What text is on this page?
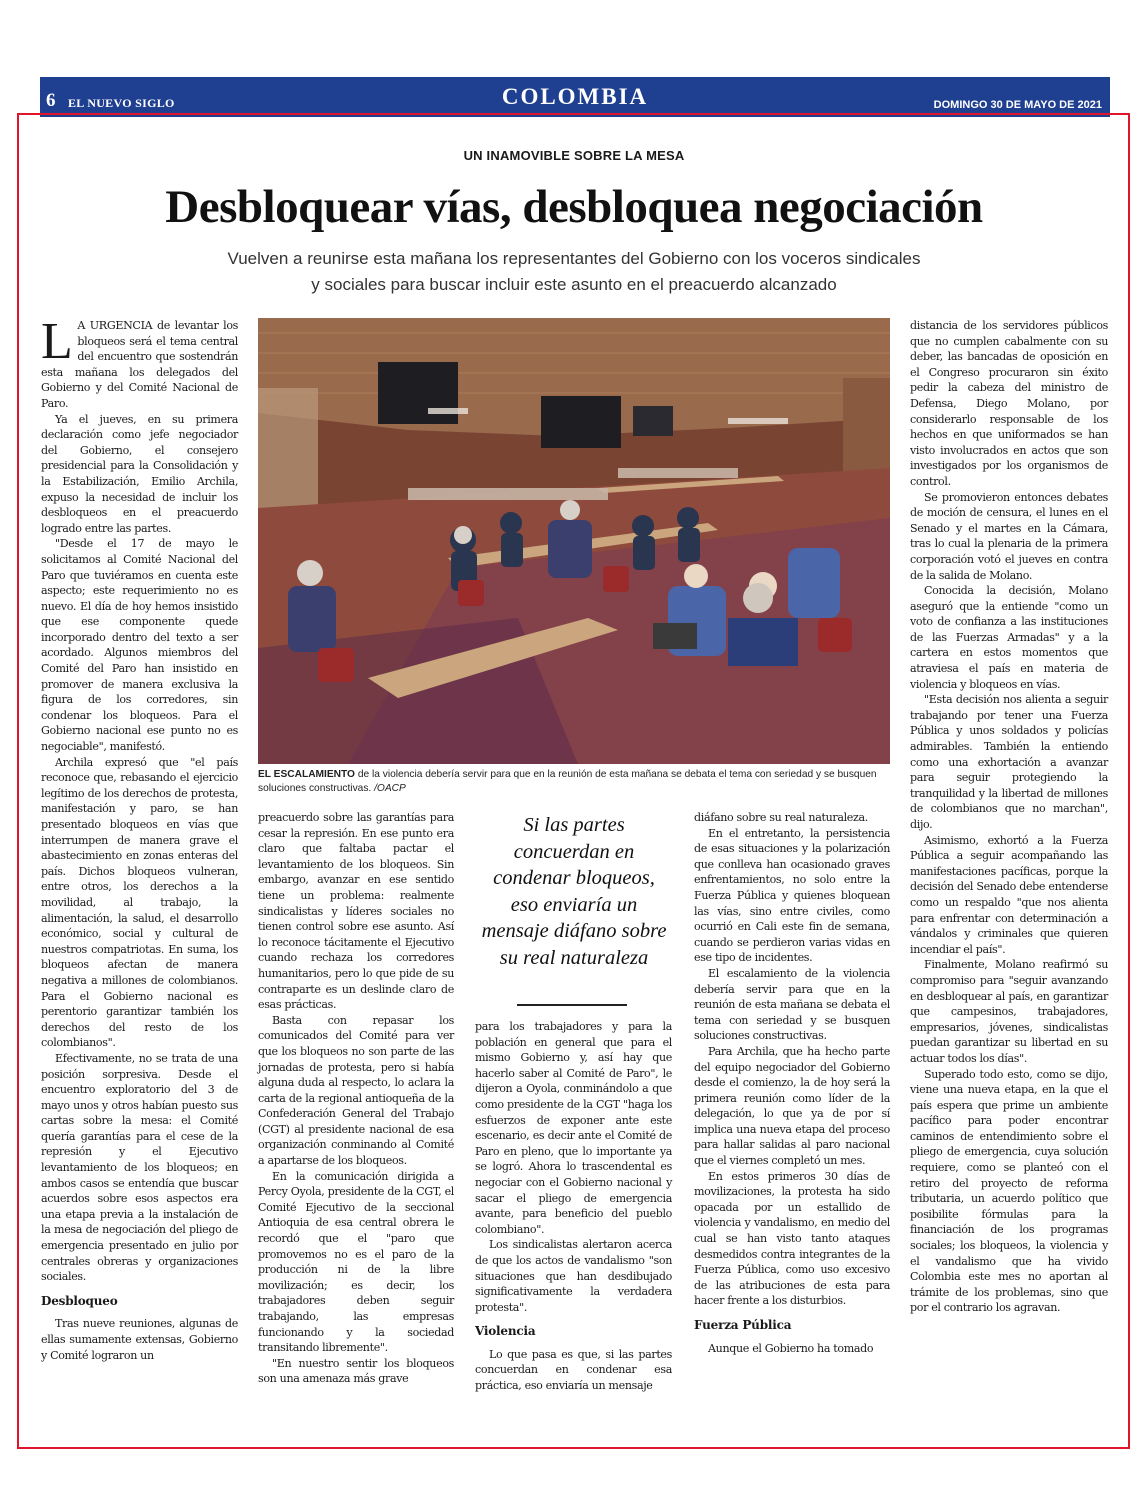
6 EL NUEVO SIGLO	COLOMBIA	DOMINGO 30 DE MAYO DE 2021
UN INAMOVIBLE SOBRE LA MESA
Desbloquear vías, desbloquea negociación
Vuelven a reunirse esta mañana los representantes del Gobierno con los voceros sindicales
y sociales para buscar incluir este asunto en el preacuerdo alcanzado

L A URGENCIA de levantar los bloqueos será el tema central del encuentro que sostendrán esta mañana los delegados del Gobierno y del Comité Nacional de Paro.

Ya el jueves, en su primera declaración como jefe negociador del Gobierno, el consejero presidencial para la Consolidación y la Estabilización, Emilio Archila, expuso la necesidad de incluir los desbloqueos en el preacuerdo logrado entre las partes.

"Desde el 17 de mayo le solicitamos al Comité Nacional del Paro que tuviéramos en cuenta este aspecto; este requerimiento no es nuevo. El día de hoy hemos insistido que ese componente quede incorporado dentro del texto a ser acordado. Algunos miembros del Comité del Paro han insistido en promover de manera exclusiva la figura de los corredores, sin condenar los bloqueos. Para el Gobierno nacional ese punto no es negociable", manifestó.

Archila expresó que "el país reconoce que, rebasando el ejercicio legítimo de los derechos de protesta, manifestación y paro, se han presentado bloqueos en vías que interrumpen de manera grave el abastecimiento en zonas enteras del país. Dichos bloqueos vulneran, entre otros, los derechos a la movilidad, al trabajo, la alimentación, la salud, el desarrollo económico, social y cultural de nuestros compatriotas. En suma, los bloqueos afectan de manera negativa a millones de colombianos. Para el Gobierno nacional es perentorio garantizar también los derechos del resto de los colombianos".

Efectivamente, no se trata de una posición sorpresiva. Desde el encuentro exploratorio del 3 de mayo unos y otros habían puesto sus cartas sobre la mesa: el Comité quería garantías para el cese de la represión y el Ejecutivo levantamiento de los bloqueos; en ambos casos se entendía que buscar acuerdos sobre esos aspectos era una etapa previa a la instalación de la mesa de negociación del pliego de emergencia presentado en julio por centrales obreras y organizaciones sociales.

Desbloqueo

Tras nueve reuniones, algunas de ellas sumamente extensas, Gobierno y Comité lograron un

EL ESCALAMIENTO de la violencia debería servir para que en la reunión de esta mañana se debata el tema con seriedad y se busquen soluciones constructivas. /OACP

preacuerdo sobre las garantías para cesar la represión. En ese punto era claro que faltaba pactar el levantamiento de los bloqueos. Sin embargo, avanzar en ese sentido tiene un problema: realmente sindicalistas y líderes sociales no tienen control sobre ese asunto. Así lo reconoce tácitamente el Ejecutivo cuando rechaza los corredores humanitarios, pero lo que pide de su contraparte es un deslinde claro de esas prácticas.

Basta con repasar los comunicados del Comité para ver que los bloqueos no son parte de las jornadas de protesta, pero si había alguna duda al respecto, lo aclara la carta de la regional antioqueña de la Confederación General del Trabajo (CGT) al presidente nacional de esa organización conminando al Comité a apartarse de los bloqueos.

En la comunicación dirigida a Percy Oyola, presidente de la CGT, el Comité Ejecutivo de la seccional Antioquia de esa central obrera le recordó que el "paro que promovemos no es el paro de la producción ni de la libre movilización; es decir, los trabajadores deben seguir trabajando, las empresas funcionando y la sociedad transitando libremente".

"En nuestro sentir los bloqueos son una amenaza más grave

Si las partes concuerdan en condenar bloqueos, eso enviaría un mensaje diáfano sobre su real naturaleza

para los trabajadores y para la población en general que para el mismo Gobierno y, así hay que hacerlo saber al Comité de Paro", le dijeron a Oyola, conminándolo a que como presidente de la CGT "haga los esfuerzos de exponer ante este escenario, es decir ante el Comité de Paro en pleno, que lo importante ya se logró. Ahora lo trascendental es negociar con el Gobierno nacional y sacar el pliego de emergencia avante, para beneficio del pueblo colombiano".

Los sindicalistas alertaron acerca de que los actos de vandalismo "son situaciones que han desdibujado significativamente la verdadera protesta".

Violencia

Lo que pasa es que, si las partes concuerdan en condenar esa práctica, eso enviaría un mensaje

diáfano sobre su real naturaleza.

En el entretanto, la persistencia de esas situaciones y la polarización que conlleva han ocasionado graves enfrentamientos, no solo entre la Fuerza Pública y quienes bloquean las vías, sino entre civiles, como ocurrió en Cali este fin de semana, cuando se perdieron varias vidas en ese tipo de incidentes.

El escalamiento de la violencia debería servir para que en la reunión de esta mañana se debata el tema con seriedad y se busquen soluciones constructivas.

Para Archila, que ha hecho parte del equipo negociador del Gobierno desde el comienzo, la de hoy será la primera reunión como líder de la delegación, lo que ya de por sí implica una nueva etapa del proceso para hallar salidas al paro nacional que el viernes completó un mes.

En estos primeros 30 días de movilizaciones, la protesta ha sido opacada por un estallido de violencia y vandalismo, en medio del cual se han visto tanto ataques desmedidos contra integrantes de la Fuerza Pública, como uso excesivo de las atribuciones de esta para hacer frente a los disturbios.

Fuerza Pública

Aunque el Gobierno ha tomado

distancia de los servidores públicos que no cumplen cabalmente con su deber, las bancadas de oposición en el Congreso procuraron sin éxito pedir la cabeza del ministro de Defensa, Diego Molano, por considerarlo responsable de los hechos en que uniformados se han visto involucrados en actos que son investigados por los organismos de control.

Se promovieron entonces debates de moción de censura, el lunes en el Senado y el martes en la Cámara, tras lo cual la plenaria de la primera corporación votó el jueves en contra de la salida de Molano.

Conocida la decisión, Molano aseguró que la entiende "como un voto de confianza a las instituciones de las Fuerzas Armadas" y a la cartera en estos momentos que atraviesa el país en materia de violencia y bloqueos en vías.

"Esta decisión nos alienta a seguir trabajando por tener una Fuerza Pública y unos soldados y policías admirables. También la entiendo como una exhortación a avanzar para seguir protegiendo la tranquilidad y la libertad de millones de colombianos que no marchan", dijo.

Asimismo, exhortó a la Fuerza Pública a seguir acompañando las manifestaciones pacíficas, porque la decisión del Senado debe entenderse como un respaldo "que nos alienta para enfrentar con determinación a vándalos y criminales que quieren incendiar el país".

Finalmente, Molano reafirmó su compromiso para "seguir avanzando en desbloquear al país, en garantizar que campesinos, trabajadores, empresarios, jóvenes, sindicalistas puedan garantizar su libertad en su actuar todos los días".

Superado todo esto, como se dijo, viene una nueva etapa, en la que el país espera que prime un ambiente pacífico para poder encontrar caminos de entendimiento sobre el pliego de emergencia, cuya solución requiere, como se planteó con el retiro del proyecto de reforma tributaria, un acuerdo político que posibilite fórmulas para la financiación de los programas sociales; los bloqueos, la violencia y el vandalismo que ha vivido Colombia este mes no aportan al trámite de los problemas, sino que por el contrario los agravan.
